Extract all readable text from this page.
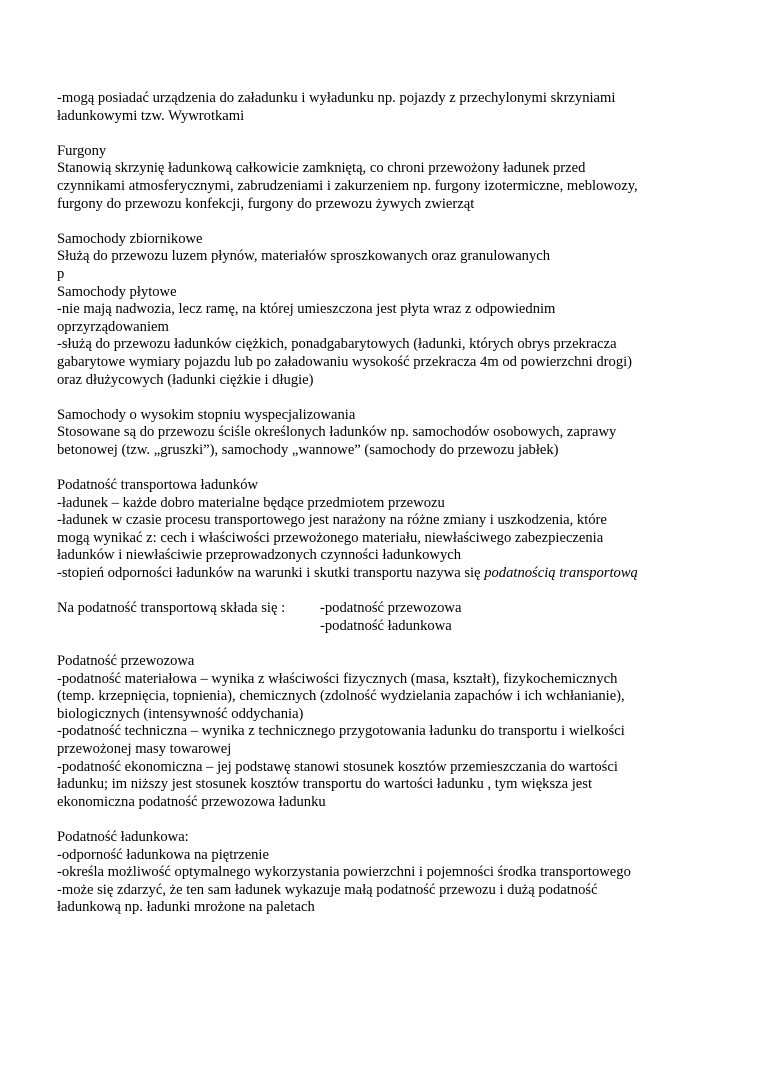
-mogą posiadać urządzenia do załadunku i wyładunku np. pojazdy z przechylonymi skrzyniami
ładunkowymi tzw. Wywrotkami
Furgony
Stanowią skrzynię ładunkową całkowicie zamkniętą, co chroni przewożony ładunek przed
czynnikami atmosferycznymi, zabrudzeniami i zakurzeniem np. furgony izotermiczne, meblowozy,
furgony do przewozu konfekcji, furgony do przewozu żywych zwierząt
Samochody zbiornikowe
Służą do przewozu luzem płynów, materiałów sproszkowanych oraz granulowanych
p
Samochody płytowe
-nie mają nadwozia, lecz ramę, na której umieszczona jest płyta wraz z odpowiednim
oprzyrządowaniem
-służą do przewozu ładunków ciężkich, ponadgabarytowych (ładunki, których obrys przekracza
gabarytowe wymiary pojazdu lub po załadowaniu wysokość przekracza 4m od powierzchni drogi)
oraz dłużycowych (ładunki ciężkie i długie)
Samochody o wysokim stopniu wyspecjalizowania
Stosowane są do przewozu ściśle określonych ładunków np. samochodów osobowych, zaprawy
betonowej (tzw. „gruszki”), samochody „wannowe” (samochody do przewozu jabłek)
Podatność transportowa ładunków
-ładunek – każde dobro materialne będące przedmiotem przewozu
-ładunek w czasie procesu transportowego jest narażony na różne zmiany i uszkodzenia, które
mogą wynikać z: cech i właściwości przewożonego materiału, niewłaściwego zabezpieczenia
ładunków i niewłaściwie przeprowadzonych czynności ładunkowych
-stopień odporności ładunków na warunki i skutki transportu nazywa się podatnością transportową
Na podatność transportową składa się :	-podatność przewozowa
-podatność ładunkowa
Podatność przewozowa
-podatność materiałowa – wynika z właściwości fizycznych (masa, kształt), fizykochemicznych
(temp. krzepnięcia, topnienia), chemicznych (zdolność wydzielania zapachów i ich wchłanianie),
biologicznych (intensywność oddychania)
-podatność techniczna – wynika z technicznego przygotowania ładunku do transportu i wielkości
przewożonej masy towarowej
-podatność ekonomiczna – jej podstawę stanowi stosunek kosztów przemieszczania do wartości
ładunku; im niższy jest stosunek kosztów transportu do wartości ładunku , tym większa jest
ekonomiczna podatność przewozowa ładunku
Podatność ładunkowa:
-odporność ładunkowa na piętrzenie
-określa możliwość optymalnego wykorzystania powierzchni i pojemności środka transportowego
-może się zdarzyć, że ten sam ładunek wykazuje małą podatność przewozu i dużą podatność
ładunkową np. ładunki mrożone na paletach
